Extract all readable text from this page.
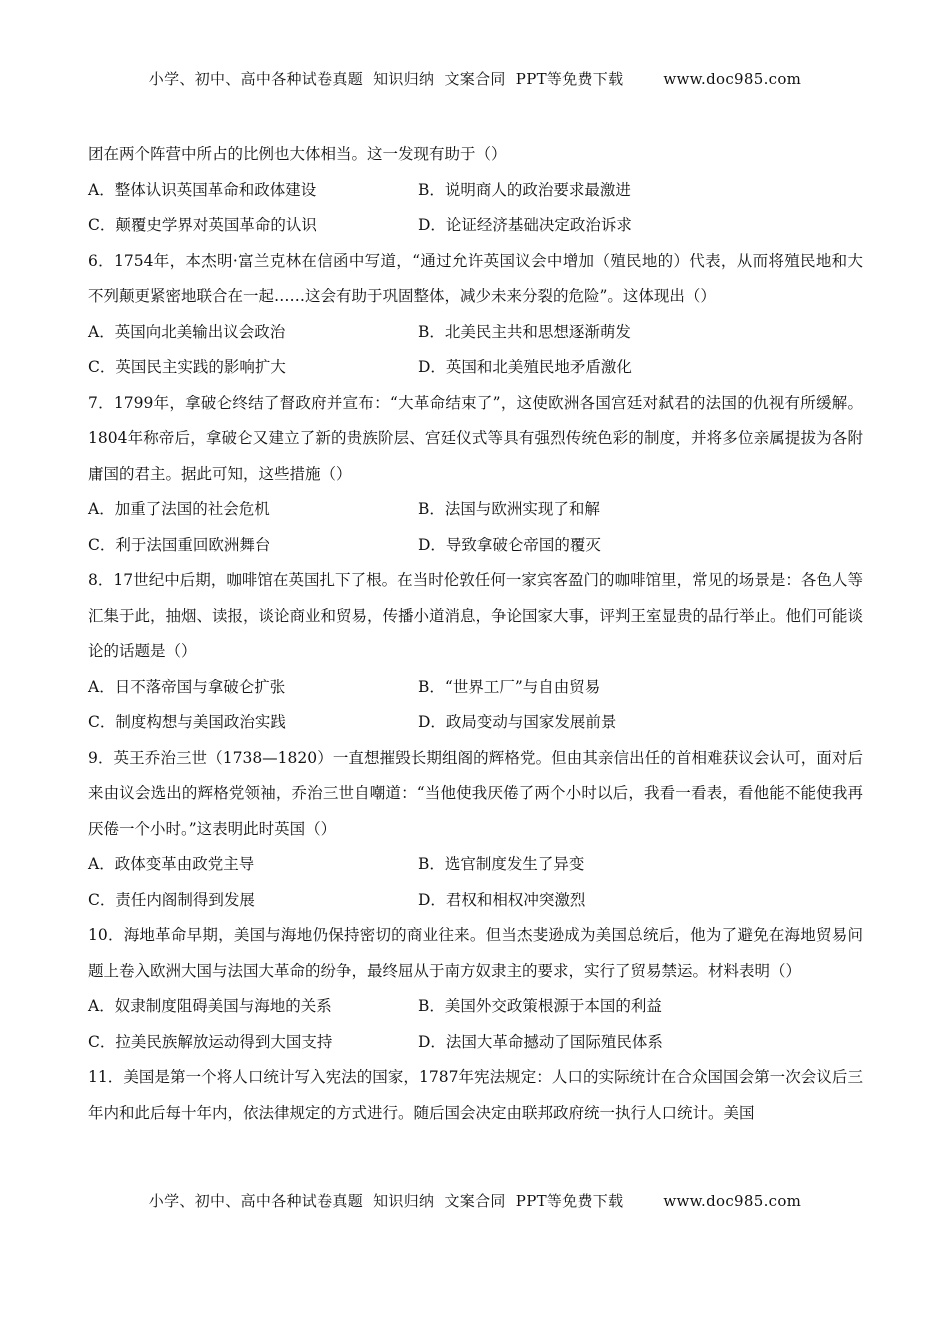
小学、初中、高中各种试卷真题  知识归纳  文案合同  PPT等免费下载	www.doc985.com

团在两个阵营中所占的比例也大体相当。这一发现有助于（）

A．整体认识英国革命和政体建设	B．说明商人的政治要求最激进
C．颠覆史学界对英国革命的认识	D．论证经济基础决定政治诉求

6．1754年，本杰明·富兰克林在信函中写道，“通过允许英国议会中增加（殖民地的）代表，从而将殖民地和大不列颠更紧密地联合在一起……这会有助于巩固整体，减少未来分裂的危险”。这体现出（）

A．英国向北美输出议会政治	B．北美民主共和思想逐渐萌发
C．英国民主实践的影响扩大	D．英国和北美殖民地矛盾激化

7．1799年，拿破仑终结了督政府并宣布：“大革命结束了”，这使欧洲各国宫廷对弑君的法国的仇视有所缓解。1804年称帝后，拿破仑又建立了新的贵族阶层、宫廷仪式等具有强烈传统色彩的制度，并将多位亲属提拔为各附庸国的君主。据此可知，这些措施（）

A．加重了法国的社会危机	B．法国与欧洲实现了和解
C．利于法国重回欧洲舞台	D．导致拿破仑帝国的覆灭

8．17世纪中后期，咖啡馆在英国扎下了根。在当时伦敦任何一家宾客盈门的咖啡馆里，常见的场景是：各色人等汇集于此，抽烟、读报，谈论商业和贸易，传播小道消息，争论国家大事，评判王室显贵的品行举止。他们可能谈论的话题是（）

A．日不落帝国与拿破仑扩张	B．“世界工厂”与自由贸易
C．制度构想与美国政治实践	D．政局变动与国家发展前景

9．英王乔治三世（1738—1820）一直想摧毁长期组阁的辉格党。但由其亲信出任的首相难获议会认可，面对后来由议会选出的辉格党领袖，乔治三世自嘲道：“当他使我厌倦了两个小时以后，我看一看表，看他能不能使我再厌倦一个小时。”这表明此时英国（）

A．政体变革由政党主导	B．选官制度发生了异变
C．责任内阁制得到发展	D．君权和相权冲突激烈

10．海地革命早期，美国与海地仍保持密切的商业往来。但当杰斐逊成为美国总统后，他为了避免在海地贸易问题上卷入欧洲大国与法国大革命的纷争，最终屈从于南方奴隶主的要求，实行了贸易禁运。材料表明（）

A．奴隶制度阻碍美国与海地的关系	B．美国外交政策根源于本国的利益
C．拉美民族解放运动得到大国支持	D．法国大革命撼动了国际殖民体系

11．美国是第一个将人口统计写入宪法的国家，1787年宪法规定：人口的实际统计在合众国国会第一次会议后三年内和此后每十年内，依法律规定的方式进行。随后国会决定由联邦政府统一执行人口统计。美国

小学、初中、高中各种试卷真题  知识归纳  文案合同  PPT等免费下载	www.doc985.com
